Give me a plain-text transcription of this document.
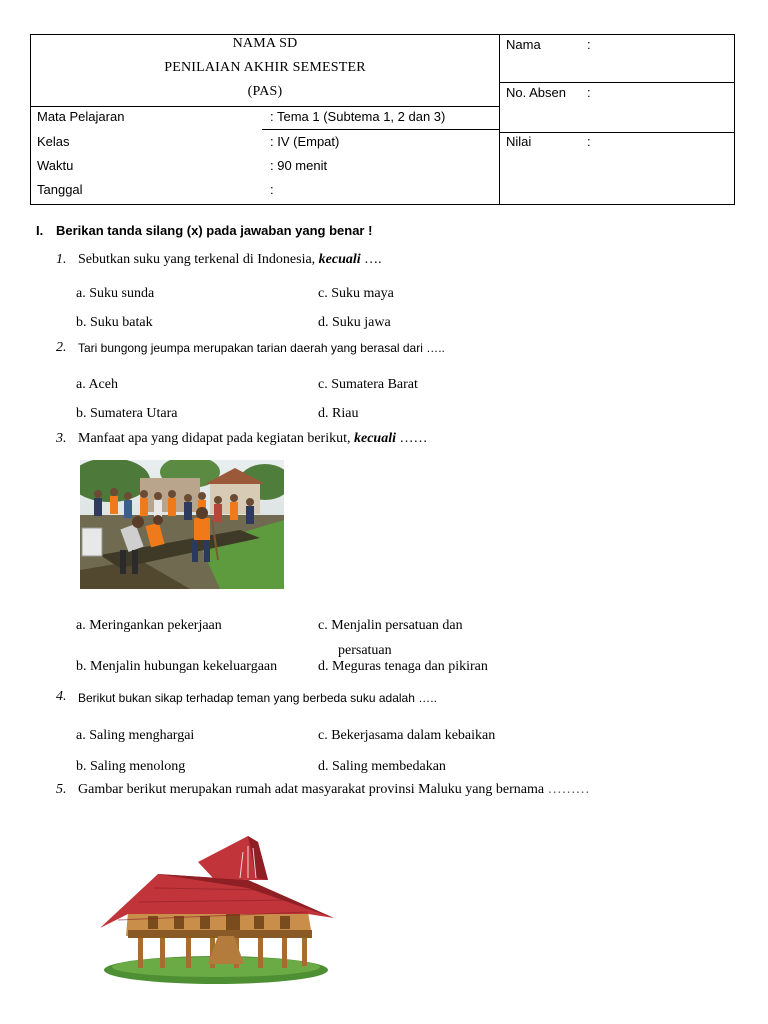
NAMA SD
PENILAIAN AKHIR SEMESTER
(PAS)
Mata Pelajaran	: Tema 1 (Subtema 1, 2 dan 3)
Kelas	: IV (Empat)
Waktu	: 90 menit
Tanggal	:
Nama	:
No. Absen :
Nilai	:
I. Berikan tanda silang (x) pada jawaban yang benar !
1. Sebutkan suku yang terkenal di Indonesia, kecuali ….
a. Suku sunda	c. Suku maya
b. Suku batak	d. Suku jawa
2. Tari bungong jeumpa merupakan tarian daerah yang berasal dari …..
a. Aceh	c. Sumatera Barat
b. Sumatera Utara	d. Riau
3. Manfaat apa yang didapat pada kegiatan berikut, kecuali ……
a. Meringankan pekerjaan	c. Menjalin persatuan dan
persatuan
b. Menjalin hubungan kekeluargaan	d. Meguras tenaga dan pikiran
4. Berikut bukan sikap terhadap teman yang berbeda suku adalah …..
a. Saling menghargai	c. Bekerjasama dalam kebaikan
b. Saling menolong	d. Saling membedakan
5. Gambar berikut merupakan rumah adat masyarakat provinsi Maluku yang bernama ………
